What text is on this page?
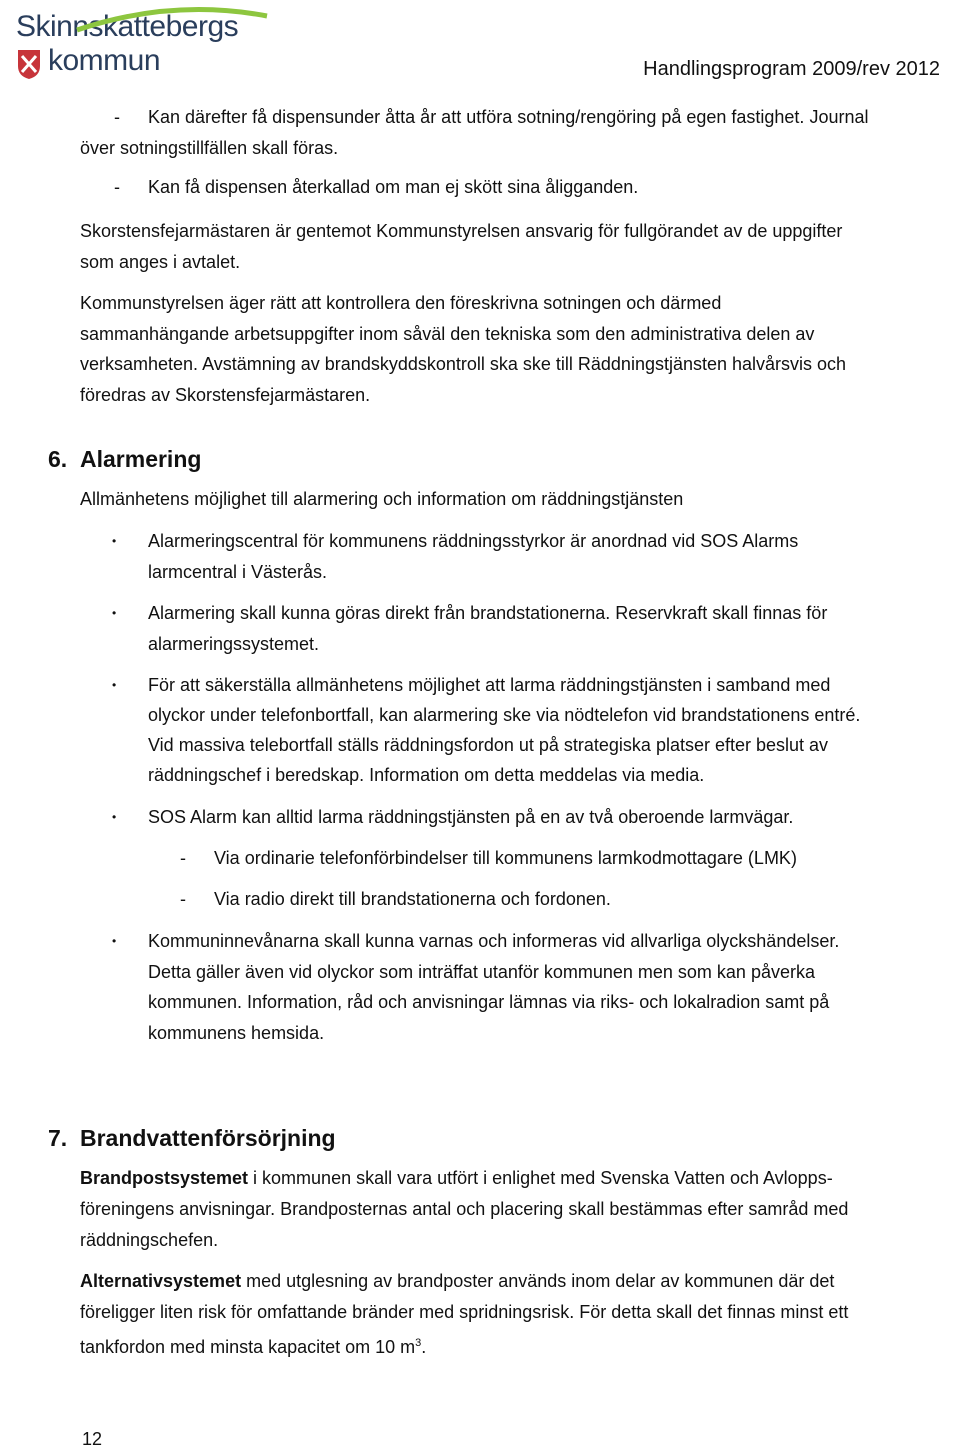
Skinnskattebergs
kommun	Handlingsprogram 2009/rev 2012
- Kan därefter få dispensunder åtta år att utföra sotning/rengöring på egen fastighet. Journal
över sotningstillfällen skall föras.
- Kan få dispensen återkallad om man ej skött sina åligganden.
Skorstensfejarmästaren är gentemot Kommunstyrelsen ansvarig för fullgörandet av de uppgifter
som anges i avtalet.
Kommunstyrelsen äger rätt att kontrollera den föreskrivna sotningen och därmed
sammanhängande arbetsuppgifter inom såväl den tekniska som den administrativa delen av
verksamheten. Avstämning av brandskyddskontroll ska ske till Räddningstjänsten halvårsvis och
föredras av Skorstensfejarmästaren.
6. Alarmering
Allmänhetens möjlighet till alarmering och information om räddningstjänsten
• Alarmeringscentral för kommunens räddningsstyrkor är anordnad vid SOS Alarms
larmcentral i Västerås.
• Alarmering skall kunna göras direkt från brandstationerna. Reservkraft skall finnas för
alarmeringssystemet.
• För att säkerställa allmänhetens möjlighet att larma räddningstjänsten i samband med
olyckor under telefonbortfall, kan alarmering ske via nödtelefon vid brandstationens entré.
Vid massiva telebortfall ställs räddningsfordon ut på strategiska platser efter beslut av
räddningschef i beredskap. Information om detta meddelas via media.
• SOS Alarm kan alltid larma räddningstjänsten på en av två oberoende larmvägar.
- Via ordinarie telefonförbindelser till kommunens larmkodmottagare (LMK)
- Via radio direkt till brandstationerna och fordonen.
• Kommuninnevånarna skall kunna varnas och informeras vid allvarliga olyckshändelser.
Detta gäller även vid olyckor som inträffat utanför kommunen men som kan påverka
kommunen. Information, råd och anvisningar lämnas via riks- och lokalradion samt på
kommunens hemsida.
7. Brandvattenförsörjning
Brandpostsystemet i kommunen skall vara utfört i enlighet med Svenska Vatten och Avlopps-
föreningens anvisningar. Brandposternas antal och placering skall bestämmas efter samråd med
räddningschefen.
Alternativsystemet med utglesning av brandposter används inom delar av kommunen där det
föreligger liten risk för omfattande bränder med spridningsrisk. För detta skall det finnas minst ett
tankfordon med minsta kapacitet om 10 $m^3$.
12
